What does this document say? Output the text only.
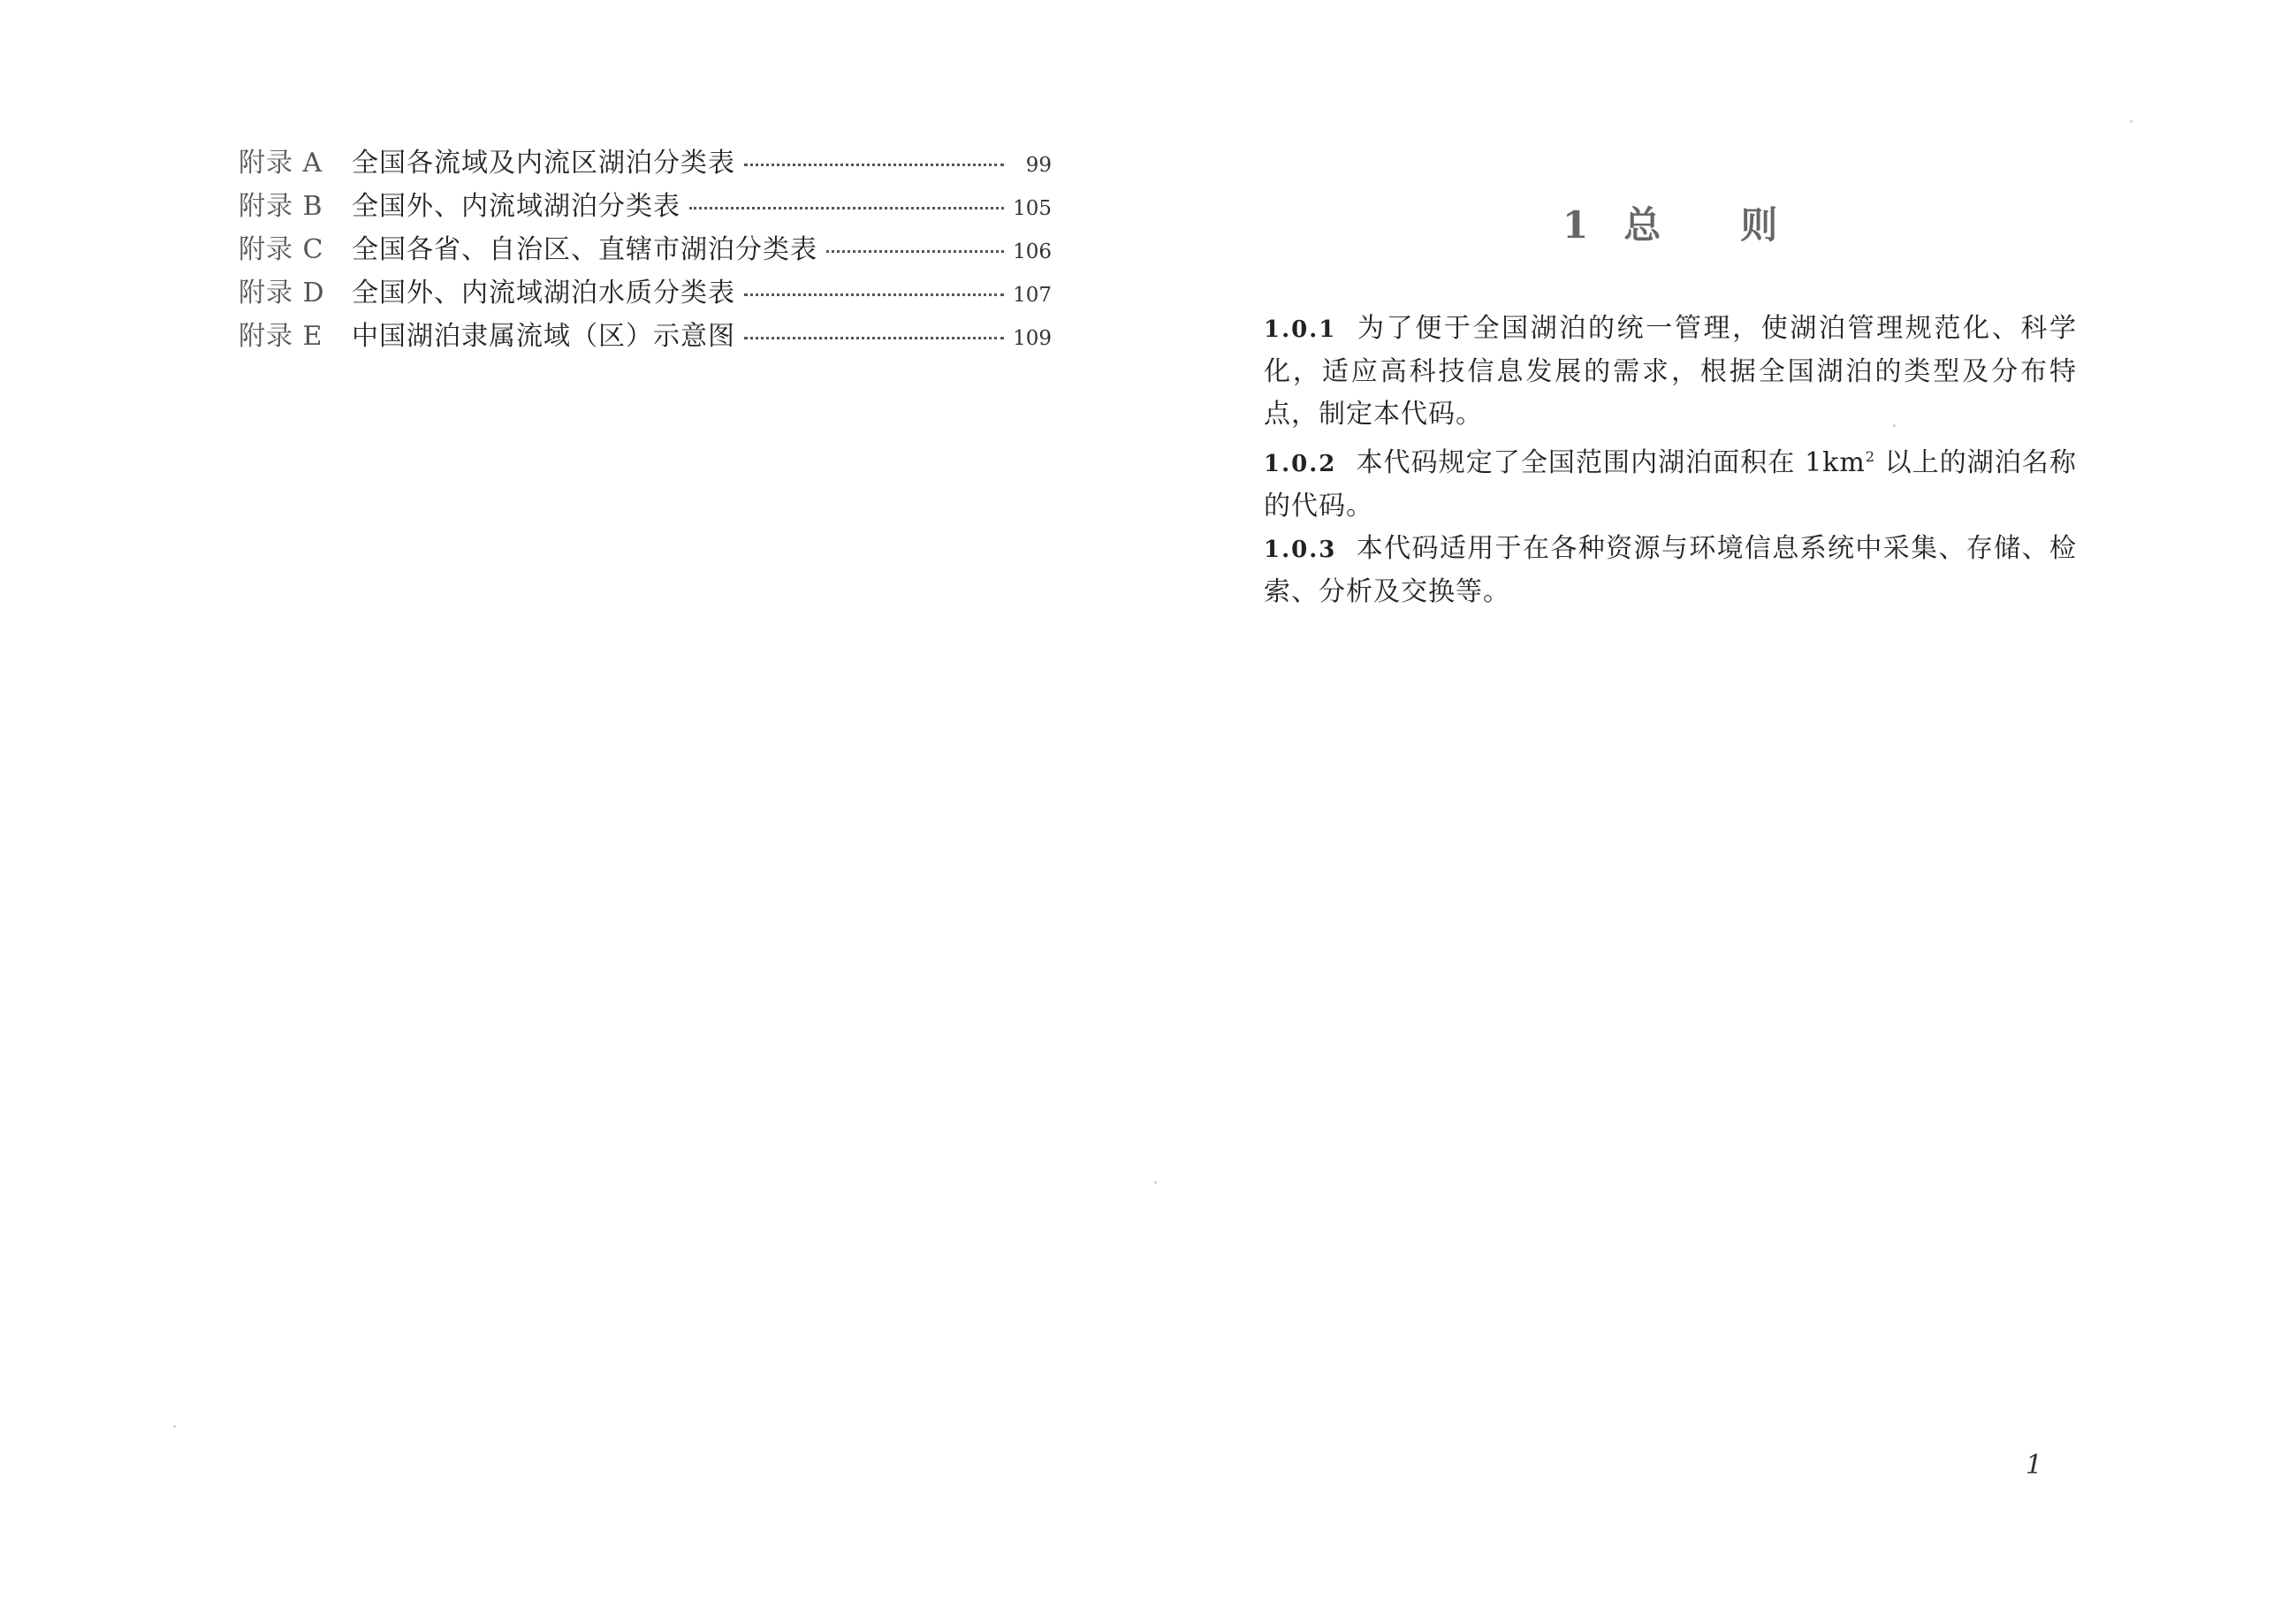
附录 A	全国各流域及内流区湖泊分类表	99
附录 B	全国外、内流域湖泊分类表	105
附录 C	全国各省、自治区、直辖市湖泊分类表	106
附录 D	全国外、内流域湖泊水质分类表	107
附录 E	中国湖泊隶属流域（区）示意图	109
1 总 则

1.0.1 为了便于全国湖泊的统一管理，使湖泊管理规范化、科学化，适应高科技信息发展的需求，根据全国湖泊的类型及分布特点，制定本代码。

1.0.2 本代码规定了全国范围内湖泊面积在 $1km^2$ 以上的湖泊名称的代码。

1.0.3 本代码适用于在各种资源与环境信息系统中采集、存储、检索、分析及交换等。

1
